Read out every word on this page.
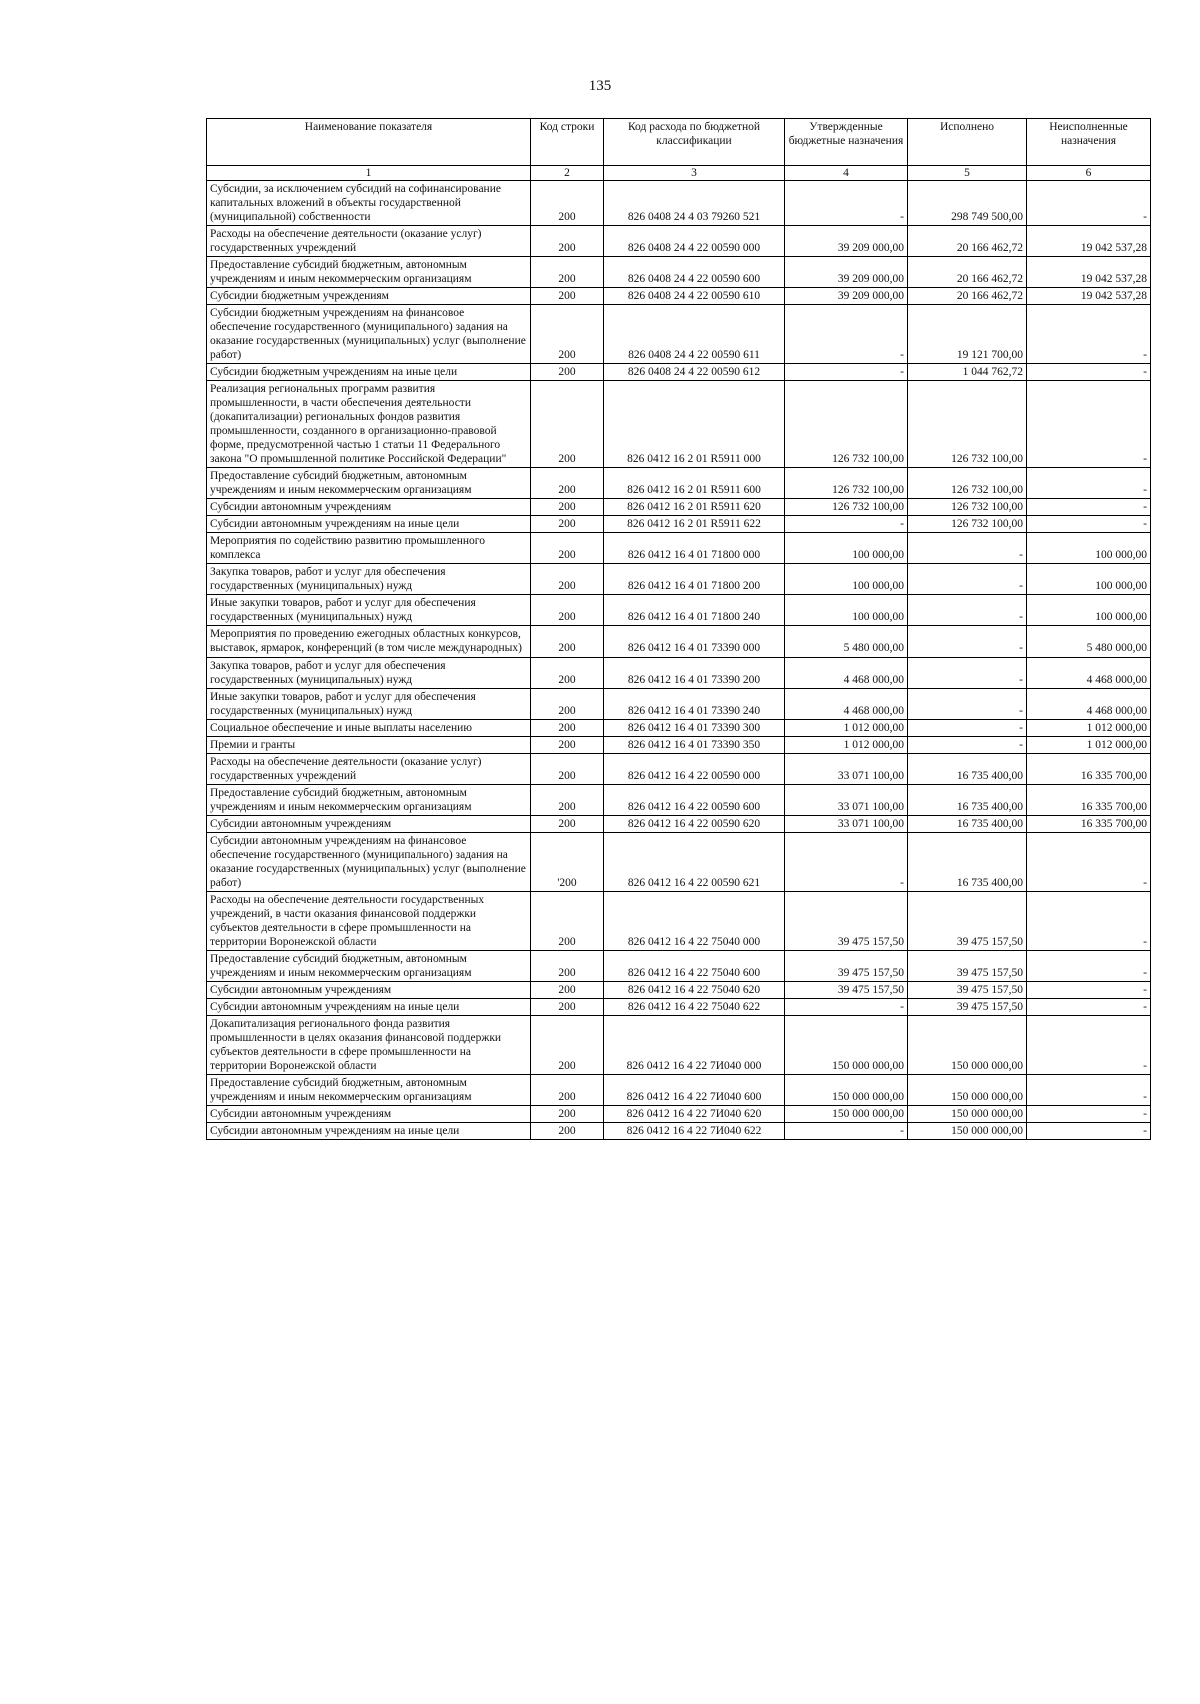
135
Наименование показателя	Код строки	Код расхода по бюджетной классификации	Утвержденные бюджетные назначения	Исполнено	Неисполненные назначения
1	2	3	4	5	6
Субсидии, за исключением субсидий на софинансирование капитальных вложений в объекты государственной (муниципальной) собственности	200	826 0408 24 4 03 79260 521	-	298 749 500,00	-
Расходы на обеспечение деятельности (оказание услуг) государственных учреждений	200	826 0408 24 4 22 00590 000	39 209 000,00	20 166 462,72	19 042 537,28
Предоставление субсидий бюджетным, автономным учреждениям и иным некоммерческим организациям	200	826 0408 24 4 22 00590 600	39 209 000,00	20 166 462,72	19 042 537,28
Субсидии бюджетным учреждениям	200	826 0408 24 4 22 00590 610	39 209 000,00	20 166 462,72	19 042 537,28
Субсидии бюджетным учреждениям на финансовое обеспечение государственного (муниципального) задания на оказание государственных (муниципальных) услуг (выполнение работ)	200	826 0408 24 4 22 00590 611	-	19 121 700,00	-
Субсидии бюджетным учреждениям на иные цели	200	826 0408 24 4 22 00590 612	-	1 044 762,72	-
Реализация региональных программ развития промышленности, в части обеспечения деятельности (докапитализации) региональных фондов развития промышленности, созданного в организационно-правовой форме, предусмотренной частью 1 статьи 11 Федерального закона "О промышленной политике Российской Федерации"	200	826 0412 16 2 01 R5911 000	126 732 100,00	126 732 100,00	-
Предоставление субсидий бюджетным, автономным учреждениям и иным некоммерческим организациям	200	826 0412 16 2 01 R5911 600	126 732 100,00	126 732 100,00	-
Субсидии автономным учреждениям	200	826 0412 16 2 01 R5911 620	126 732 100,00	126 732 100,00	-
Субсидии автономным учреждениям на иные цели	200	826 0412 16 2 01 R5911 622	-	126 732 100,00	-
Мероприятия по содействию развитию промышленного комплекса	200	826 0412 16 4 01 71800 000	100 000,00	-	100 000,00
Закупка товаров, работ и услуг для обеспечения государственных (муниципальных) нужд	200	826 0412 16 4 01 71800 200	100 000,00	-	100 000,00
Иные закупки товаров, работ и услуг для обеспечения государственных (муниципальных) нужд	200	826 0412 16 4 01 71800 240	100 000,00	-	100 000,00
Мероприятия по проведению ежегодных областных конкурсов, выставок, ярмарок, конференций (в том числе международных)	200	826 0412 16 4 01 73390 000	5 480 000,00	-	5 480 000,00
Закупка товаров, работ и услуг для обеспечения государственных (муниципальных) нужд	200	826 0412 16 4 01 73390 200	4 468 000,00	-	4 468 000,00
Иные закупки товаров, работ и услуг для обеспечения государственных (муниципальных) нужд	200	826 0412 16 4 01 73390 240	4 468 000,00	-	4 468 000,00
Социальное обеспечение и иные выплаты населению	200	826 0412 16 4 01 73390 300	1 012 000,00	-	1 012 000,00
Премии и гранты	200	826 0412 16 4 01 73390 350	1 012 000,00	-	1 012 000,00
Расходы на обеспечение деятельности (оказание услуг) государственных учреждений	200	826 0412 16 4 22 00590 000	33 071 100,00	16 735 400,00	16 335 700,00
Предоставление субсидий бюджетным, автономным учреждениям и иным некоммерческим организациям	200	826 0412 16 4 22 00590 600	33 071 100,00	16 735 400,00	16 335 700,00
Субсидии автономным учреждениям	200	826 0412 16 4 22 00590 620	33 071 100,00	16 735 400,00	16 335 700,00
Субсидии автономным учреждениям на финансовое обеспечение государственного (муниципального) задания на оказание государственных (муниципальных) услуг (выполнение работ)	'200	826 0412 16 4 22 00590 621	-	16 735 400,00	-
Расходы на обеспечение деятельности государственных учреждений, в части оказания финансовой поддержки субъектов деятельности в сфере промышленности на территории Воронежской области	200	826 0412 16 4 22 75040 000	39 475 157,50	39 475 157,50	-
Предоставление субсидий бюджетным, автономным учреждениям и иным некоммерческим организациям	200	826 0412 16 4 22 75040 600	39 475 157,50	39 475 157,50	-
Субсидии автономным учреждениям	200	826 0412 16 4 22 75040 620	39 475 157,50	39 475 157,50	-
Субсидии автономным учреждениям на иные цели	200	826 0412 16 4 22 75040 622	-	39 475 157,50	-
Докапитализация регионального фонда развития промышленности в целях оказания финансовой поддержки субъектов деятельности в сфере промышленности на территории Воронежской области	200	826 0412 16 4 22 7И040 000	150 000 000,00	150 000 000,00	-
Предоставление субсидий бюджетным, автономным учреждениям и иным некоммерческим организациям	200	826 0412 16 4 22 7И040 600	150 000 000,00	150 000 000,00	-
Субсидии автономным учреждениям	200	826 0412 16 4 22 7И040 620	150 000 000,00	150 000 000,00	-
Субсидии автономным учреждениям на иные цели	200	826 0412 16 4 22 7И040 622	-	150 000 000,00	-
